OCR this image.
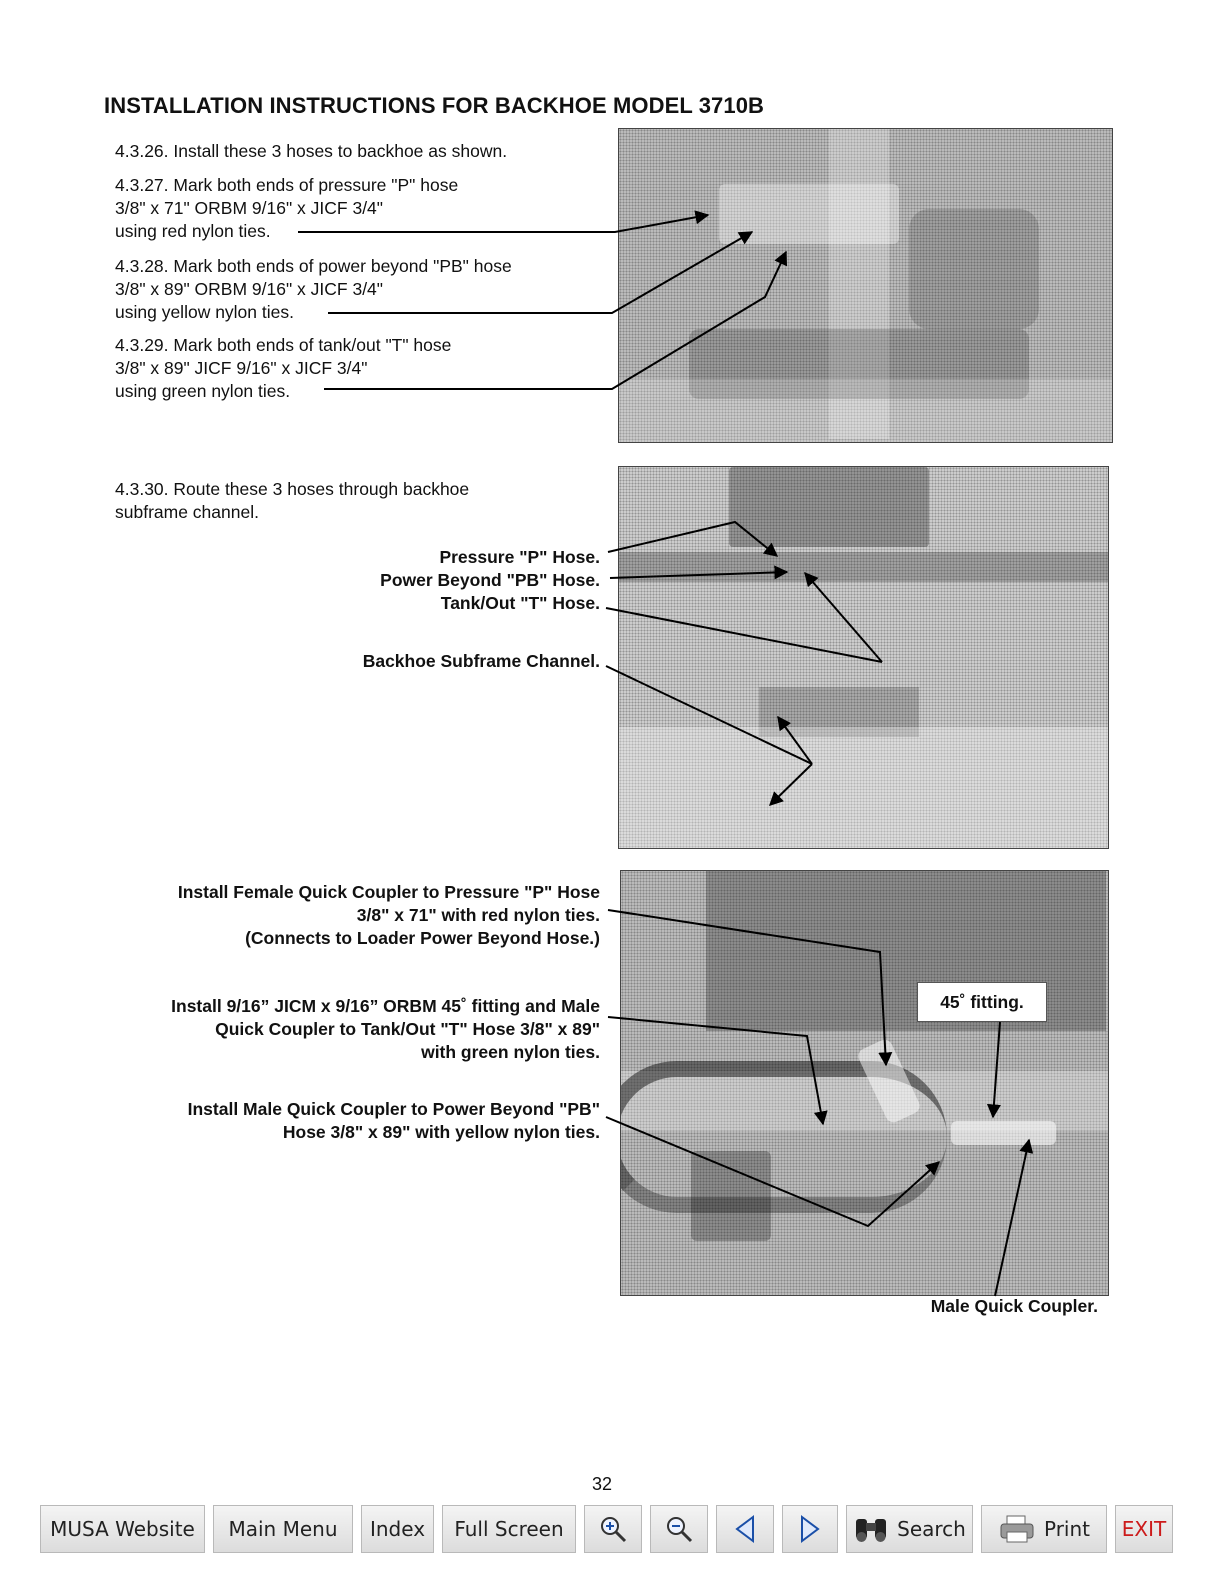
INSTALLATION INSTRUCTIONS FOR BACKHOE MODEL 3710B
4.3.26. Install these 3 hoses to backhoe as shown.
4.3.27. Mark both ends of pressure "P" hose
3/8" x 71" ORBM 9/16" x JICF 3/4"
using red nylon ties.
4.3.28. Mark both ends of power beyond "PB" hose
3/8" x 89" ORBM 9/16" x JICF 3/4"
using yellow nylon ties.
4.3.29. Mark both ends of tank/out "T" hose
3/8" x 89" JICF 9/16" x JICF 3/4"
using green nylon ties.
4.3.30. Route these 3 hoses through backhoe
subframe channel.
Pressure "P" Hose.
Power Beyond "PB" Hose.
Tank/Out "T" Hose.
Backhoe Subframe Channel.
Install Female Quick Coupler to Pressure "P" Hose
3/8" x 71" with red nylon ties.
(Connects to Loader Power Beyond Hose.)
Install 9/16” JICM x 9/16” ORBM 45˚ fitting and Male
Quick Coupler to Tank/Out "T" Hose 3/8" x 89"
with green nylon ties.
Install Male Quick Coupler to Power Beyond "PB"
Hose 3/8" x 89" with yellow nylon ties.
45˚ fitting.
Male Quick Coupler.
32
MUSA Website Main Menu Index Full Screen	Search	Print EXIT
